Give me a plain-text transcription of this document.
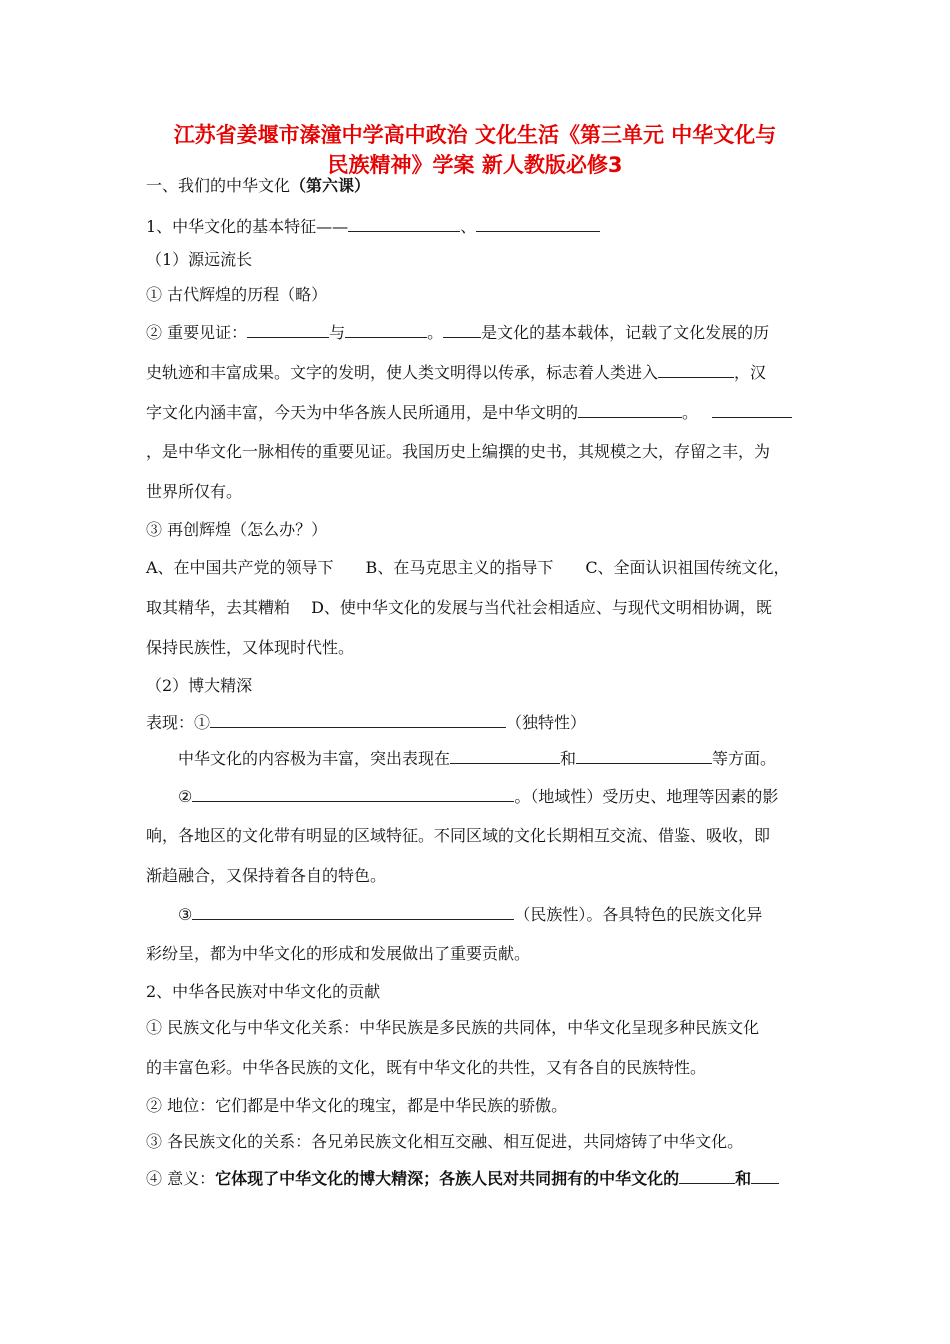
江苏省姜堰市溱潼中学高中政治 文化生活《第三单元 中华文化与
民族精神》学案 新人教版必修3
一、我们的中华文化（第六课）
1、中华文化的基本特征——	、
（1）源远流长
① 古代辉煌的历程（略）
② 重要见证：	与	。 是文化的基本载体，记载了文化发展的历
史轨迹和丰富成果。文字的发明，使人类文明得以传承，标志着人类进入	，汉
字文化内涵丰富，今天为中华各族人民所通用，是中华文明的	。
，是中华文化一脉相传的重要见证。我国历史上编撰的史书，其规模之大，存留之丰，为
世界所仅有。
③ 再创辉煌（怎么办？）
A、在中国共产党的领导下　　B、在马克思主义的指导下　　C、全面认识祖国传统文化，
取其精华，去其糟粕　 D、使中华文化的发展与当代社会相适应、与现代文明相协调，既
保持民族性，又体现时代性。
（2）博大精深
表现：①	（独特性）
中华文化的内容极为丰富，突出表现在	和	等方面。
②	。（地域性）受历史、地理等因素的影
响，各地区的文化带有明显的区域特征。不同区域的文化长期相互交流、借鉴、吸收，即
渐趋融合，又保持着各自的特色。
③	（民族性）。各具特色的民族文化异
彩纷呈，都为中华文化的形成和发展做出了重要贡献。
2、中华各民族对中华文化的贡献
① 民族文化与中华文化关系：中华民族是多民族的共同体，中华文化呈现多种民族文化
的丰富色彩。中华各民族的文化，既有中华文化的共性，又有各自的民族特性。
② 地位：它们都是中华文化的瑰宝，都是中华民族的骄傲。
③ 各民族文化的关系：各兄弟民族文化相互交融、相互促进，共同熔铸了中华文化。
④ 意义：它体现了中华文化的博大精深；各族人民对共同拥有的中华文化的	和
